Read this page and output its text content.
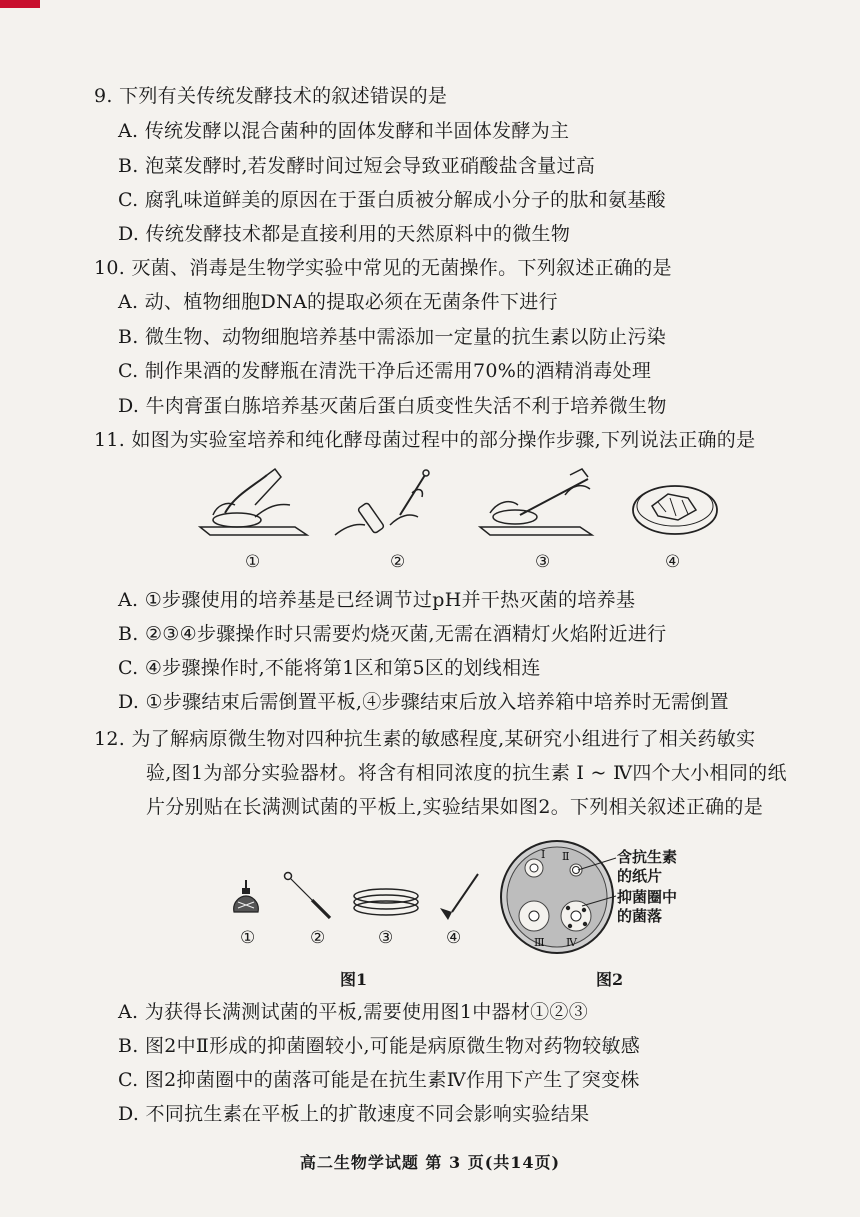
9. 下列有关传统发酵技术的叙述错误的是
A. 传统发酵以混合菌种的固体发酵和半固体发酵为主
B. 泡菜发酵时,若发酵时间过短会导致亚硝酸盐含量过高
C. 腐乳味道鲜美的原因在于蛋白质被分解成小分子的肽和氨基酸
D. 传统发酵技术都是直接利用的天然原料中的微生物
10. 灭菌、消毒是生物学实验中常见的无菌操作。下列叙述正确的是
A. 动、植物细胞DNA的提取必须在无菌条件下进行
B. 微生物、动物细胞培养基中需添加一定量的抗生素以防止污染
C. 制作果酒的发酵瓶在清洗干净后还需用70%的酒精消毒处理
D. 牛肉膏蛋白胨培养基灭菌后蛋白质变性失活不利于培养微生物
11. 如图为实验室培养和纯化酵母菌过程中的部分操作步骤,下列说法正确的是
①	②	③	④
A. ①步骤使用的培养基是已经调节过pH并干热灭菌的培养基
B. ②③④步骤操作时只需要灼烧灭菌,无需在酒精灯火焰附近进行
C. ④步骤操作时,不能将第1区和第5区的划线相连
D. ①步骤结束后需倒置平板,④步骤结束后放入培养箱中培养时无需倒置
12. 为了解病原微生物对四种抗生素的敏感程度,某研究小组进行了相关药敏实
验,图1为部分实验器材。将含有相同浓度的抗生素 Ⅰ ~ Ⅳ四个大小相同的纸
片分别贴在长满测试菌的平板上,实验结果如图2。下列相关叙述正确的是
①	②	③	④
图1
Ⅰ Ⅱ
Ⅲ Ⅳ
含抗生素
的纸片
抑菌圈中
的菌落
图2
A. 为获得长满测试菌的平板,需要使用图1中器材①②③
B. 图2中Ⅱ形成的抑菌圈较小,可能是病原微生物对药物较敏感
C. 图2抑菌圈中的菌落可能是在抗生素Ⅳ作用下产生了突变株
D. 不同抗生素在平板上的扩散速度不同会影响实验结果
高二生物学试题 第 3 页(共14页)
